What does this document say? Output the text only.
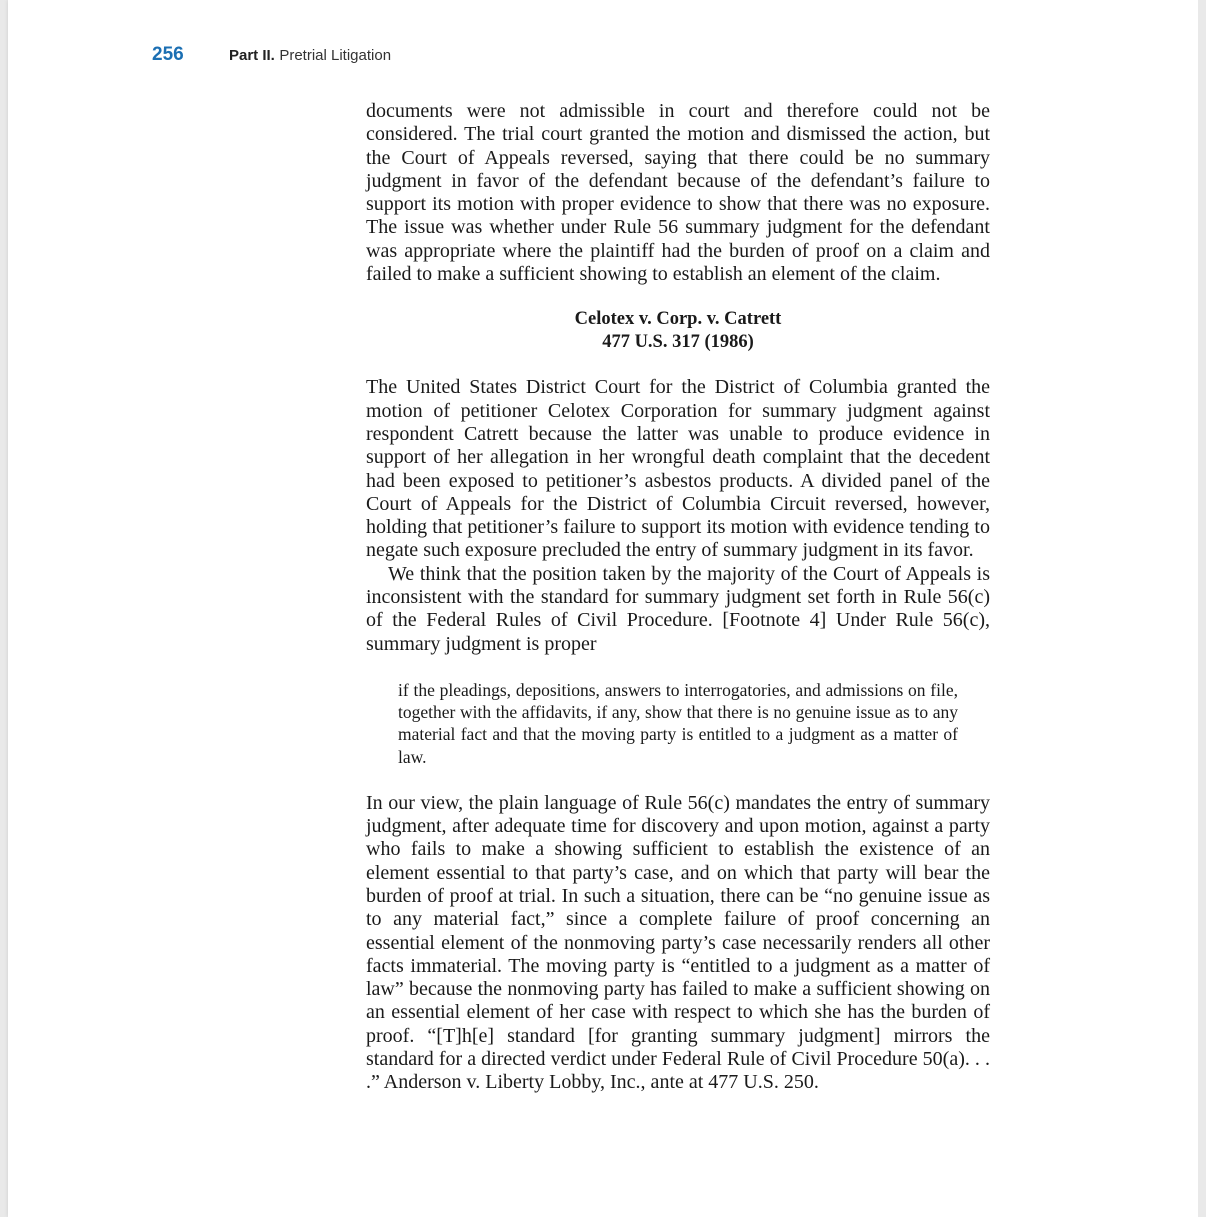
256	Part II. Pretrial Litigation

documents were not admissible in court and therefore could not be considered. The trial court granted the motion and dismissed the action, but the Court of Appeals reversed, saying that there could be no summary judgment in favor of the defendant because of the defendant’s failure to support its motion with proper evidence to show that there was no exposure. The issue was whether under Rule 56 summary judgment for the defendant was appropriate where the plaintiff had the burden of proof on a claim and failed to make a sufficient showing to establish an element of the claim.

Celotex v. Corp. v. Catrett
477 U.S. 317 (1986)

The United States District Court for the District of Columbia granted the motion of petitioner Celotex Corporation for summary judgment against respondent Catrett because the latter was unable to produce evidence in support of her allegation in her wrongful death complaint that the decedent had been exposed to petitioner’s asbestos products. A divided panel of the Court of Appeals for the District of Columbia Circuit reversed, however, holding that petitioner’s failure to support its motion with evidence tending to negate such exposure precluded the entry of summary judgment in its favor.

We think that the position taken by the majority of the Court of Appeals is inconsistent with the standard for summary judgment set forth in Rule 56(c) of the Federal Rules of Civil Procedure. [Footnote 4] Under Rule 56(c), summary judgment is proper

if the pleadings, depositions, answers to interrogatories, and admissions on file, together with the affidavits, if any, show that there is no genuine issue as to any material fact and that the moving party is entitled to a judgment as a matter of law.

In our view, the plain language of Rule 56(c) mandates the entry of summary judgment, after adequate time for discovery and upon motion, against a party who fails to make a showing sufficient to establish the existence of an element essential to that party’s case, and on which that party will bear the burden of proof at trial. In such a situation, there can be “no genuine issue as to any material fact,” since a complete failure of proof concerning an essential element of the nonmoving party’s case necessarily renders all other facts immaterial. The moving party is “entitled to a judgment as a matter of law” because the nonmoving party has failed to make a sufficient showing on an essential element of her case with respect to which she has the burden of proof. “[T]h[e] standard [for granting summary judgment] mirrors the standard for a directed verdict under Federal Rule of Civil Procedure 50(a). . . .” Anderson v. Liberty Lobby, Inc., ante at 477 U.S. 250.
